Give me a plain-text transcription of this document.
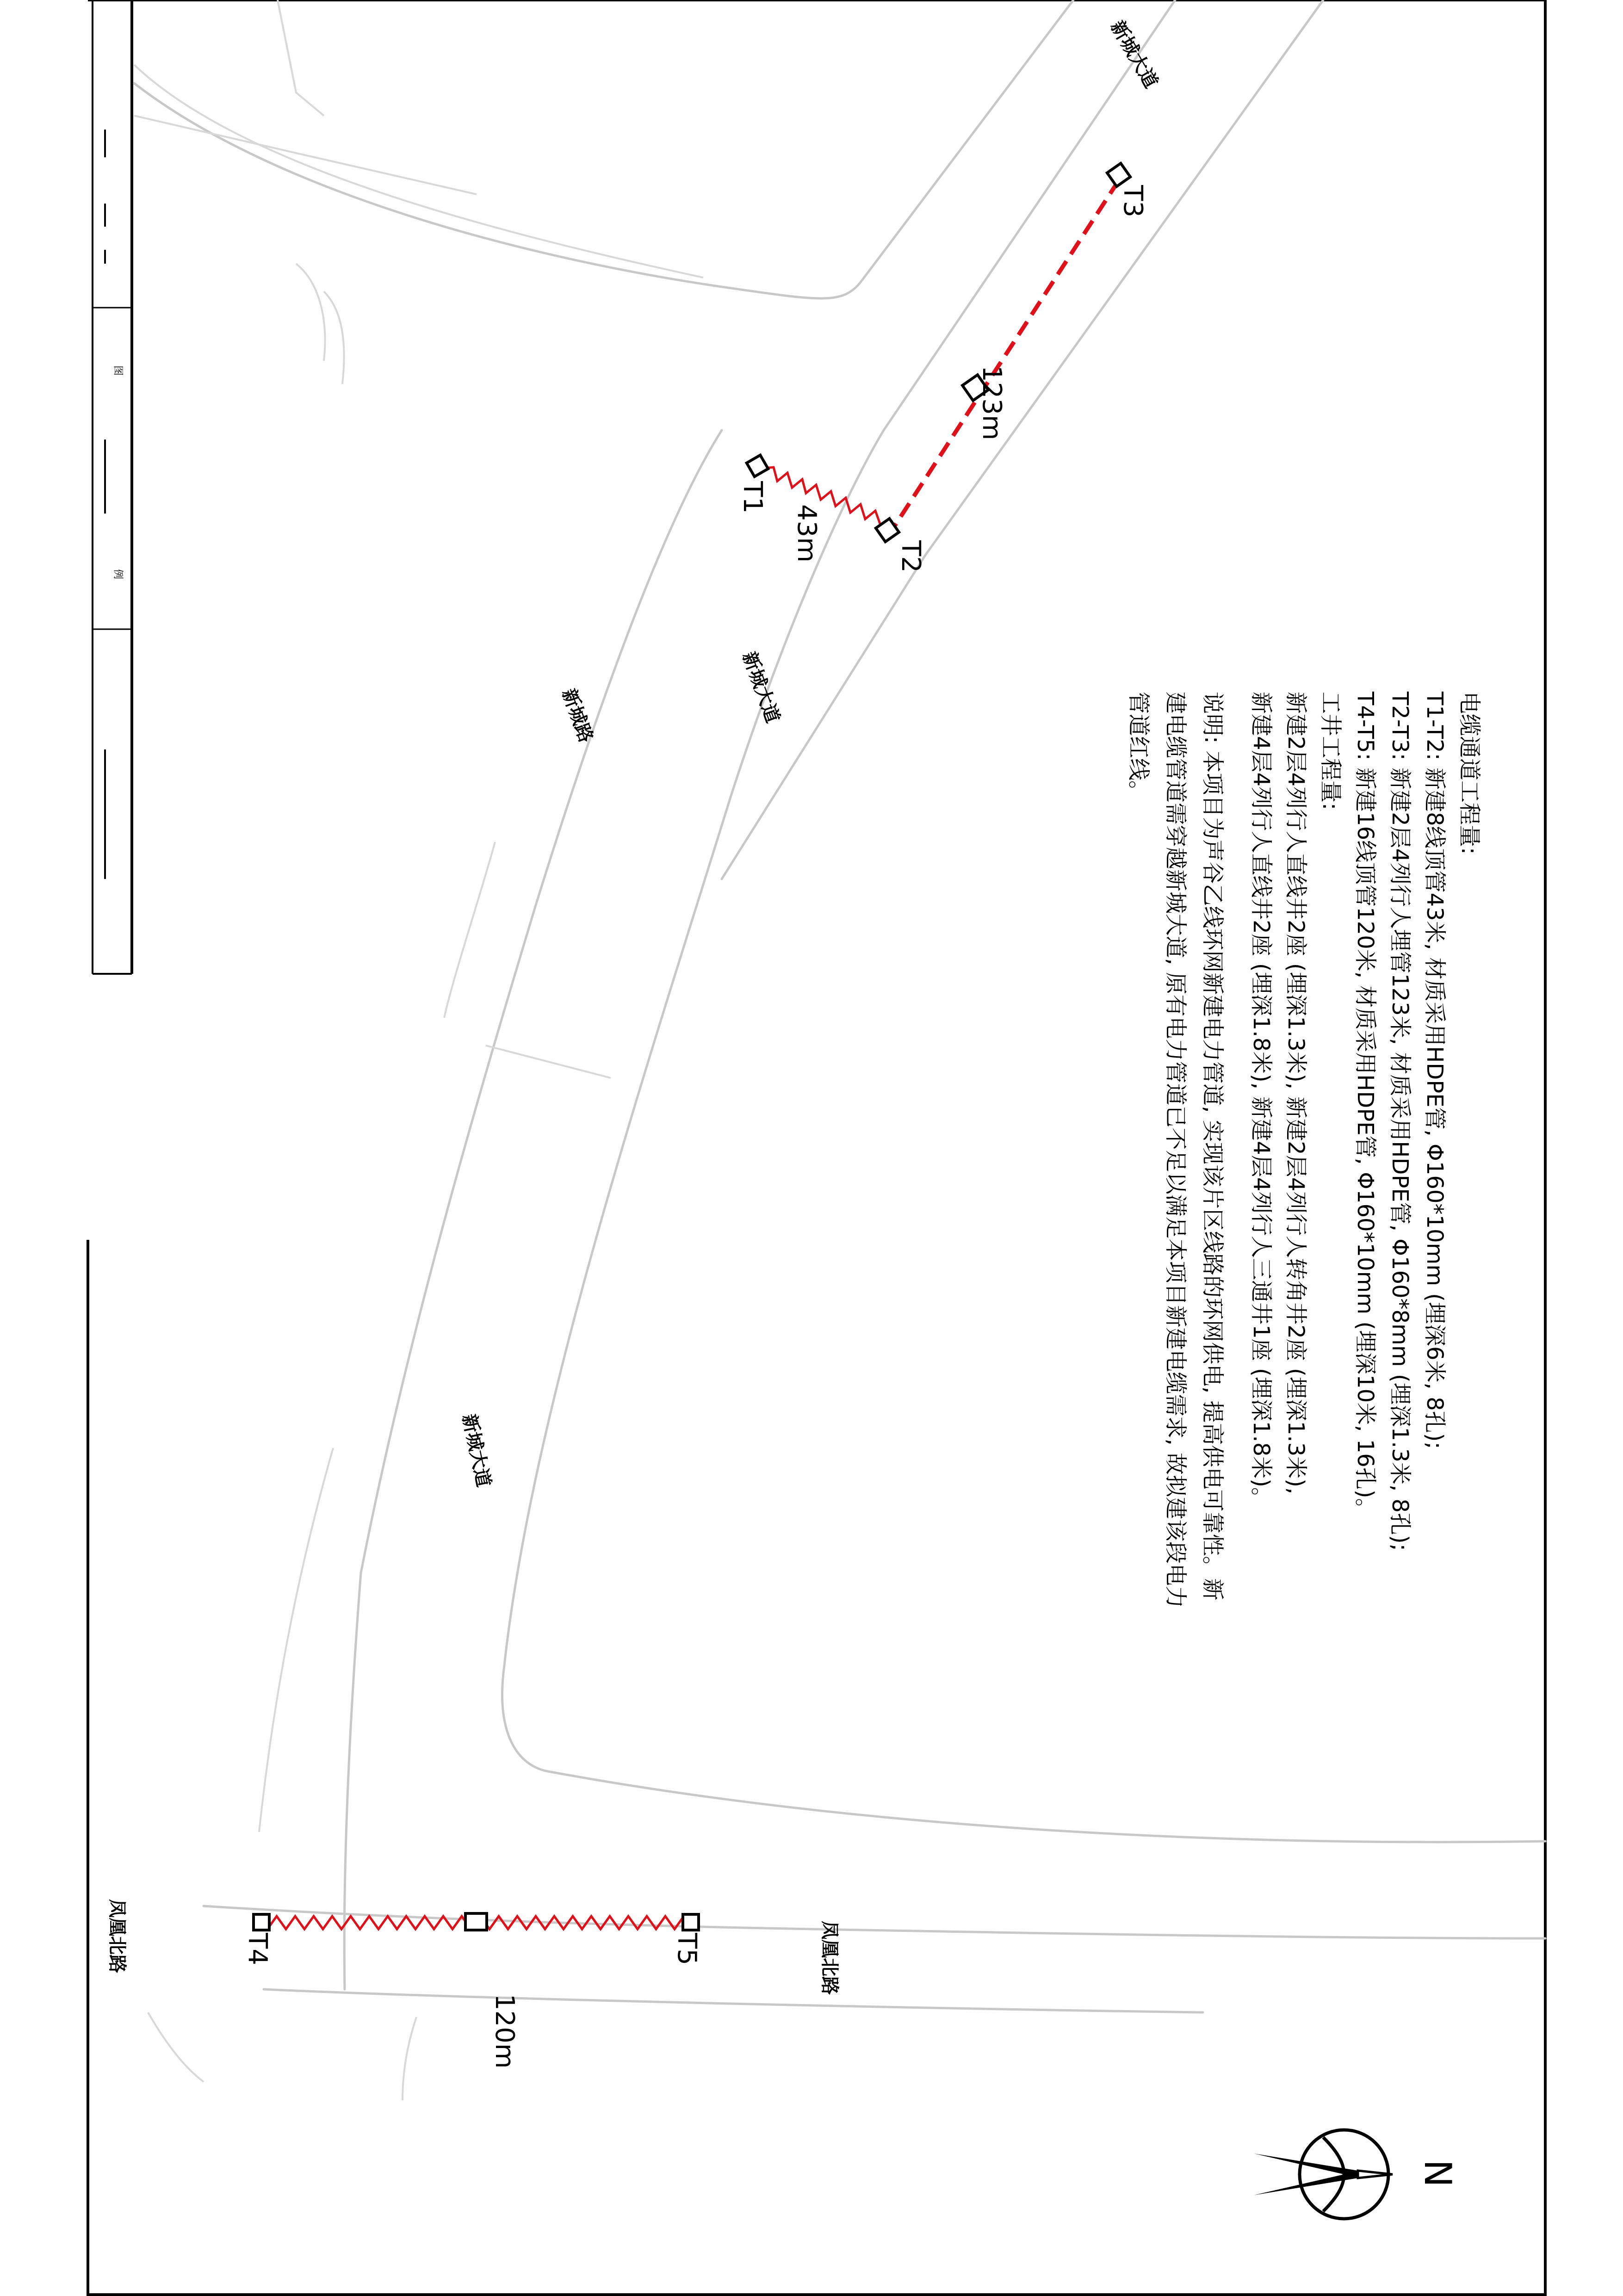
图
例
T1
T2
T3
T4	T5
43m
123m
120m
新城大道
新城大道
新城大道
新城路
凤凰北路	凤凰北路
电缆通道工程量:
T1-T2: 新建8线顶管43米, 材质采用HDPE管, Φ160*10mm (埋深6米, 8孔);
T2-T3: 新建2层4列行人埋管123米, 材质采用HDPE管, Φ160*8mm (埋深1.3米, 8孔);
T4-T5: 新建16线顶管120米, 材质采用HDPE管, Φ160*10mm (埋深10米, 16孔)。
工井工程量:
新建2层4列行人直线井2座 (埋深1.3米), 新建2层4列行人转角井2座 (埋深1.3米),
新建4层4列行人直线井2座 (埋深1.8米), 新建4层4列行人三通井1座 (埋深1.8米)。
说明: 本项目为声谷乙线环网新建电力管道, 实现该片区线路的环网供电, 提高供电可靠性。新
建电缆管道需穿越新城大道, 原有电力管道已不足以满足本项目新建电缆需求, 故拟建该段电力
管道红线。
N
